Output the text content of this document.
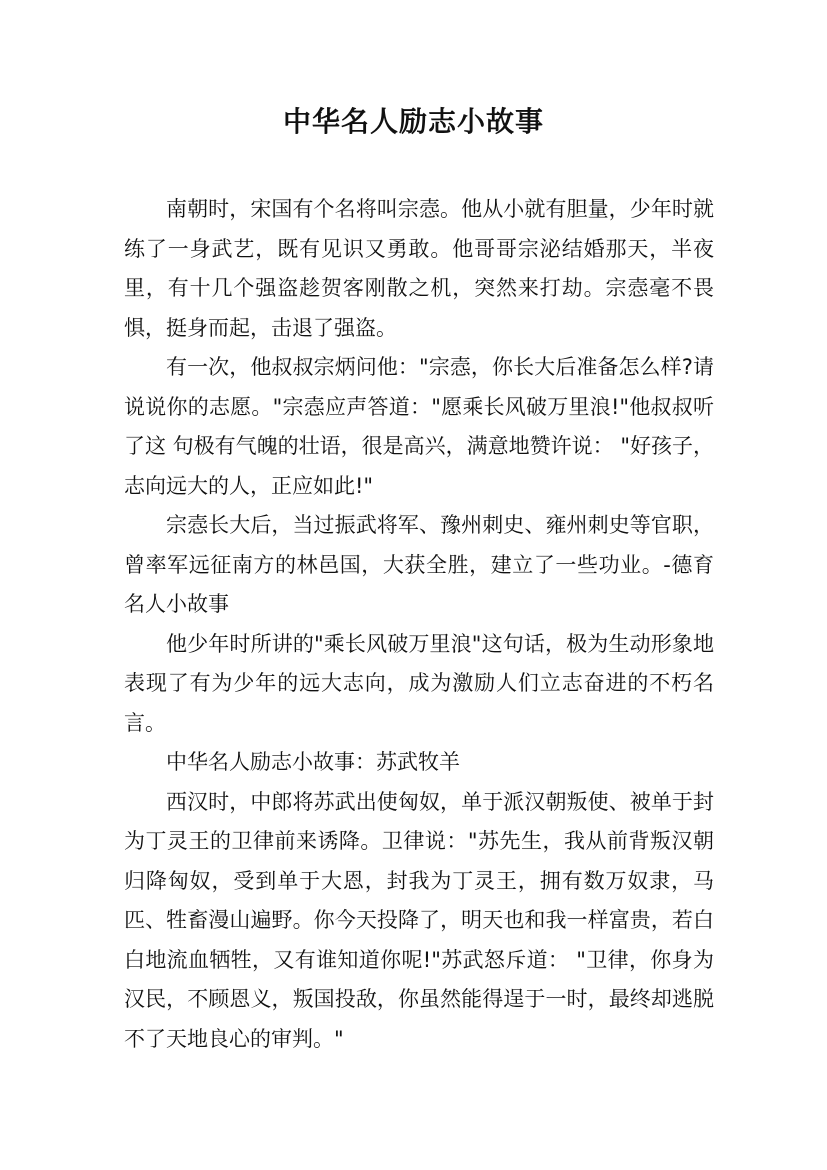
中华名人励志小故事

南朝时，宋国有个名将叫宗悫。他从小就有胆量，少年时就练了一身武艺，既有见识又勇敢。他哥哥宗泌结婚那天，半夜里，有十几个强盗趁贺客刚散之机，突然来打劫。宗悫毫不畏惧，挺身而起，击退了强盗。

有一次，他叔叔宗炳问他："宗悫，你长大后准备怎么样?请说说你的志愿。"宗悫应声答道："愿乘长风破万里浪!"他叔叔听了这 句极有气魄的壮语，很是高兴，满意地赞许说： "好孩子，志向远大的人，正应如此!"

宗悫长大后，当过振武将军、豫州刺史、雍州刺史等官职，曾率军远征南方的林邑国，大获全胜，建立了一些功业。-德育名人小故事

他少年时所讲的"乘长风破万里浪"这句话，极为生动形象地表现了有为少年的远大志向，成为激励人们立志奋进的不朽名言。

中华名人励志小故事：苏武牧羊

西汉时，中郎将苏武出使匈奴，单于派汉朝叛使、被单于封为丁灵王的卫律前来诱降。卫律说："苏先生，我从前背叛汉朝归降匈奴，受到单于大恩，封我为丁灵王，拥有数万奴隶，马匹、牲畜漫山遍野。你今天投降了，明天也和我一样富贵，若白白地流血牺牲，又有谁知道你呢!"苏武怒斥道： "卫律，你身为汉民，不顾恩义，叛国投敌，你虽然能得逞于一时，最终却逃脱不了天地良心的审判。"
